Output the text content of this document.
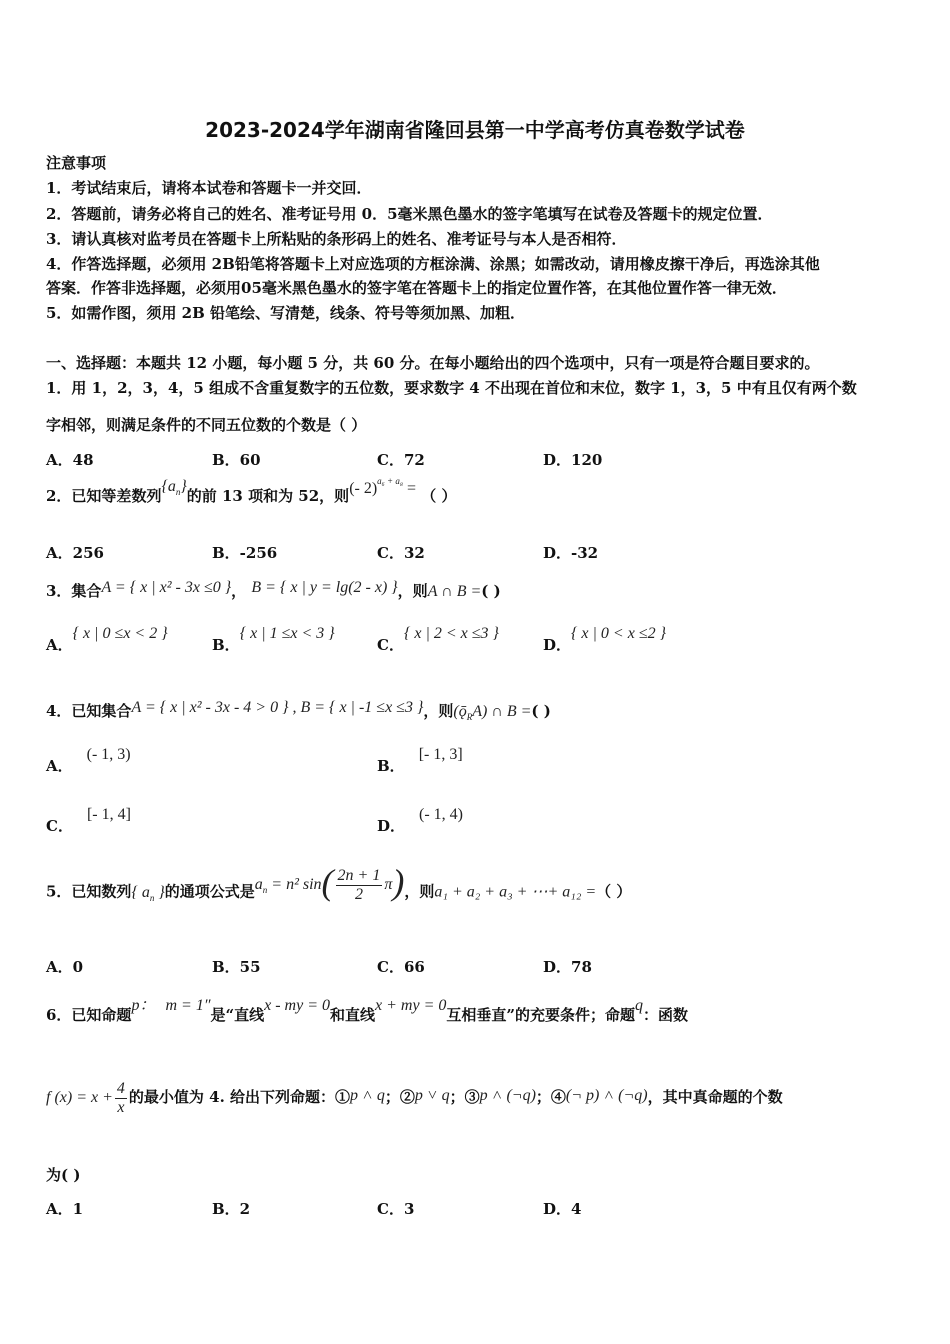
2023-2024学年湖南省隆回县第一中学高考仿真卷数学试卷
注意事项
1．考试结束后，请将本试卷和答题卡一并交回．
2．答题前，请务必将自己的姓名、准考证号用 0．5毫米黑色墨水的签字笔填写在试卷及答题卡的规定位置．
3．请认真核对监考员在答题卡上所粘贴的条形码上的姓名、准考证号与本人是否相符．
4．作答选择题，必须用 2B铅笔将答题卡上对应选项的方框涂满、涂黑；如需改动，请用橡皮擦干净后，再选涂其他
答案．作答非选择题，必须用05毫米黑色墨水的签字笔在答题卡上的指定位置作答，在其他位置作答一律无效．
5．如需作图，须用 2B 铅笔绘、写清楚，线条、符号等须加黑、加粗．
一、选择题：本题共 12 小题，每小题 5 分，共 60 分。在每小题给出的四个选项中，只有一项是符合题目要求的。
1．用 1，2，3，4，5 组成不含重复数字的五位数，要求数字 4 不出现在首位和末位，数字 1，3，5 中有且仅有两个数
字相邻，则满足条件的不同五位数的个数是（ ）
A．48	B．60	C．72	D．120
2．已知等差数列$\{a_n\}$的前 13 项和为 52，则(- 2)$^{a_6 + a_8}$ = （ ）
A．256	B．-256	C．32	D．-32
3．集合A = { x | x² - 3x ≤0 }， B = { x | y = lg(2 - x) }，则A ∩ B =( )
A．{ x | 0 ≤x < 2 }
B．{ x | 1 ≤x < 3 }
C．{ x | 2 < x ≤3 }
D．{ x | 0 < x ≤2 }
4．已知集合A = { x | x² - 3x - 4 > 0 } , B = { x | -1 ≤x ≤3 }，则$(ǭ_RA)$ ∩ B =( )
A．(- 1, 3)
B．[- 1, 3]
C．[- 1, 4]
D．(- 1, 4)
5．已知数列{ $a_n$ }的通项公式是$a_n = n^2$ $\sin( \frac{2n + 1}{2} \pi)$，则a₁ + a₂ + a₃ + ⋯+ a₁₂ =（ ）
A．0	B．55	C．66	D．78
6．已知命题p： m = 1″是“直线x - my = 0和直线x + my = 0互相垂直”的充要条件；命题q：函数
f $(x) = x + \frac{4}{x}$ 的最小值为 4. 给出下列命题：①p ˄ q；②p ˅ q；③p ˄ (¬q)；④(¬ p) ˄ (¬q)，其中真命题的个数
为( )
A．1	B．2	C．3	D．4
